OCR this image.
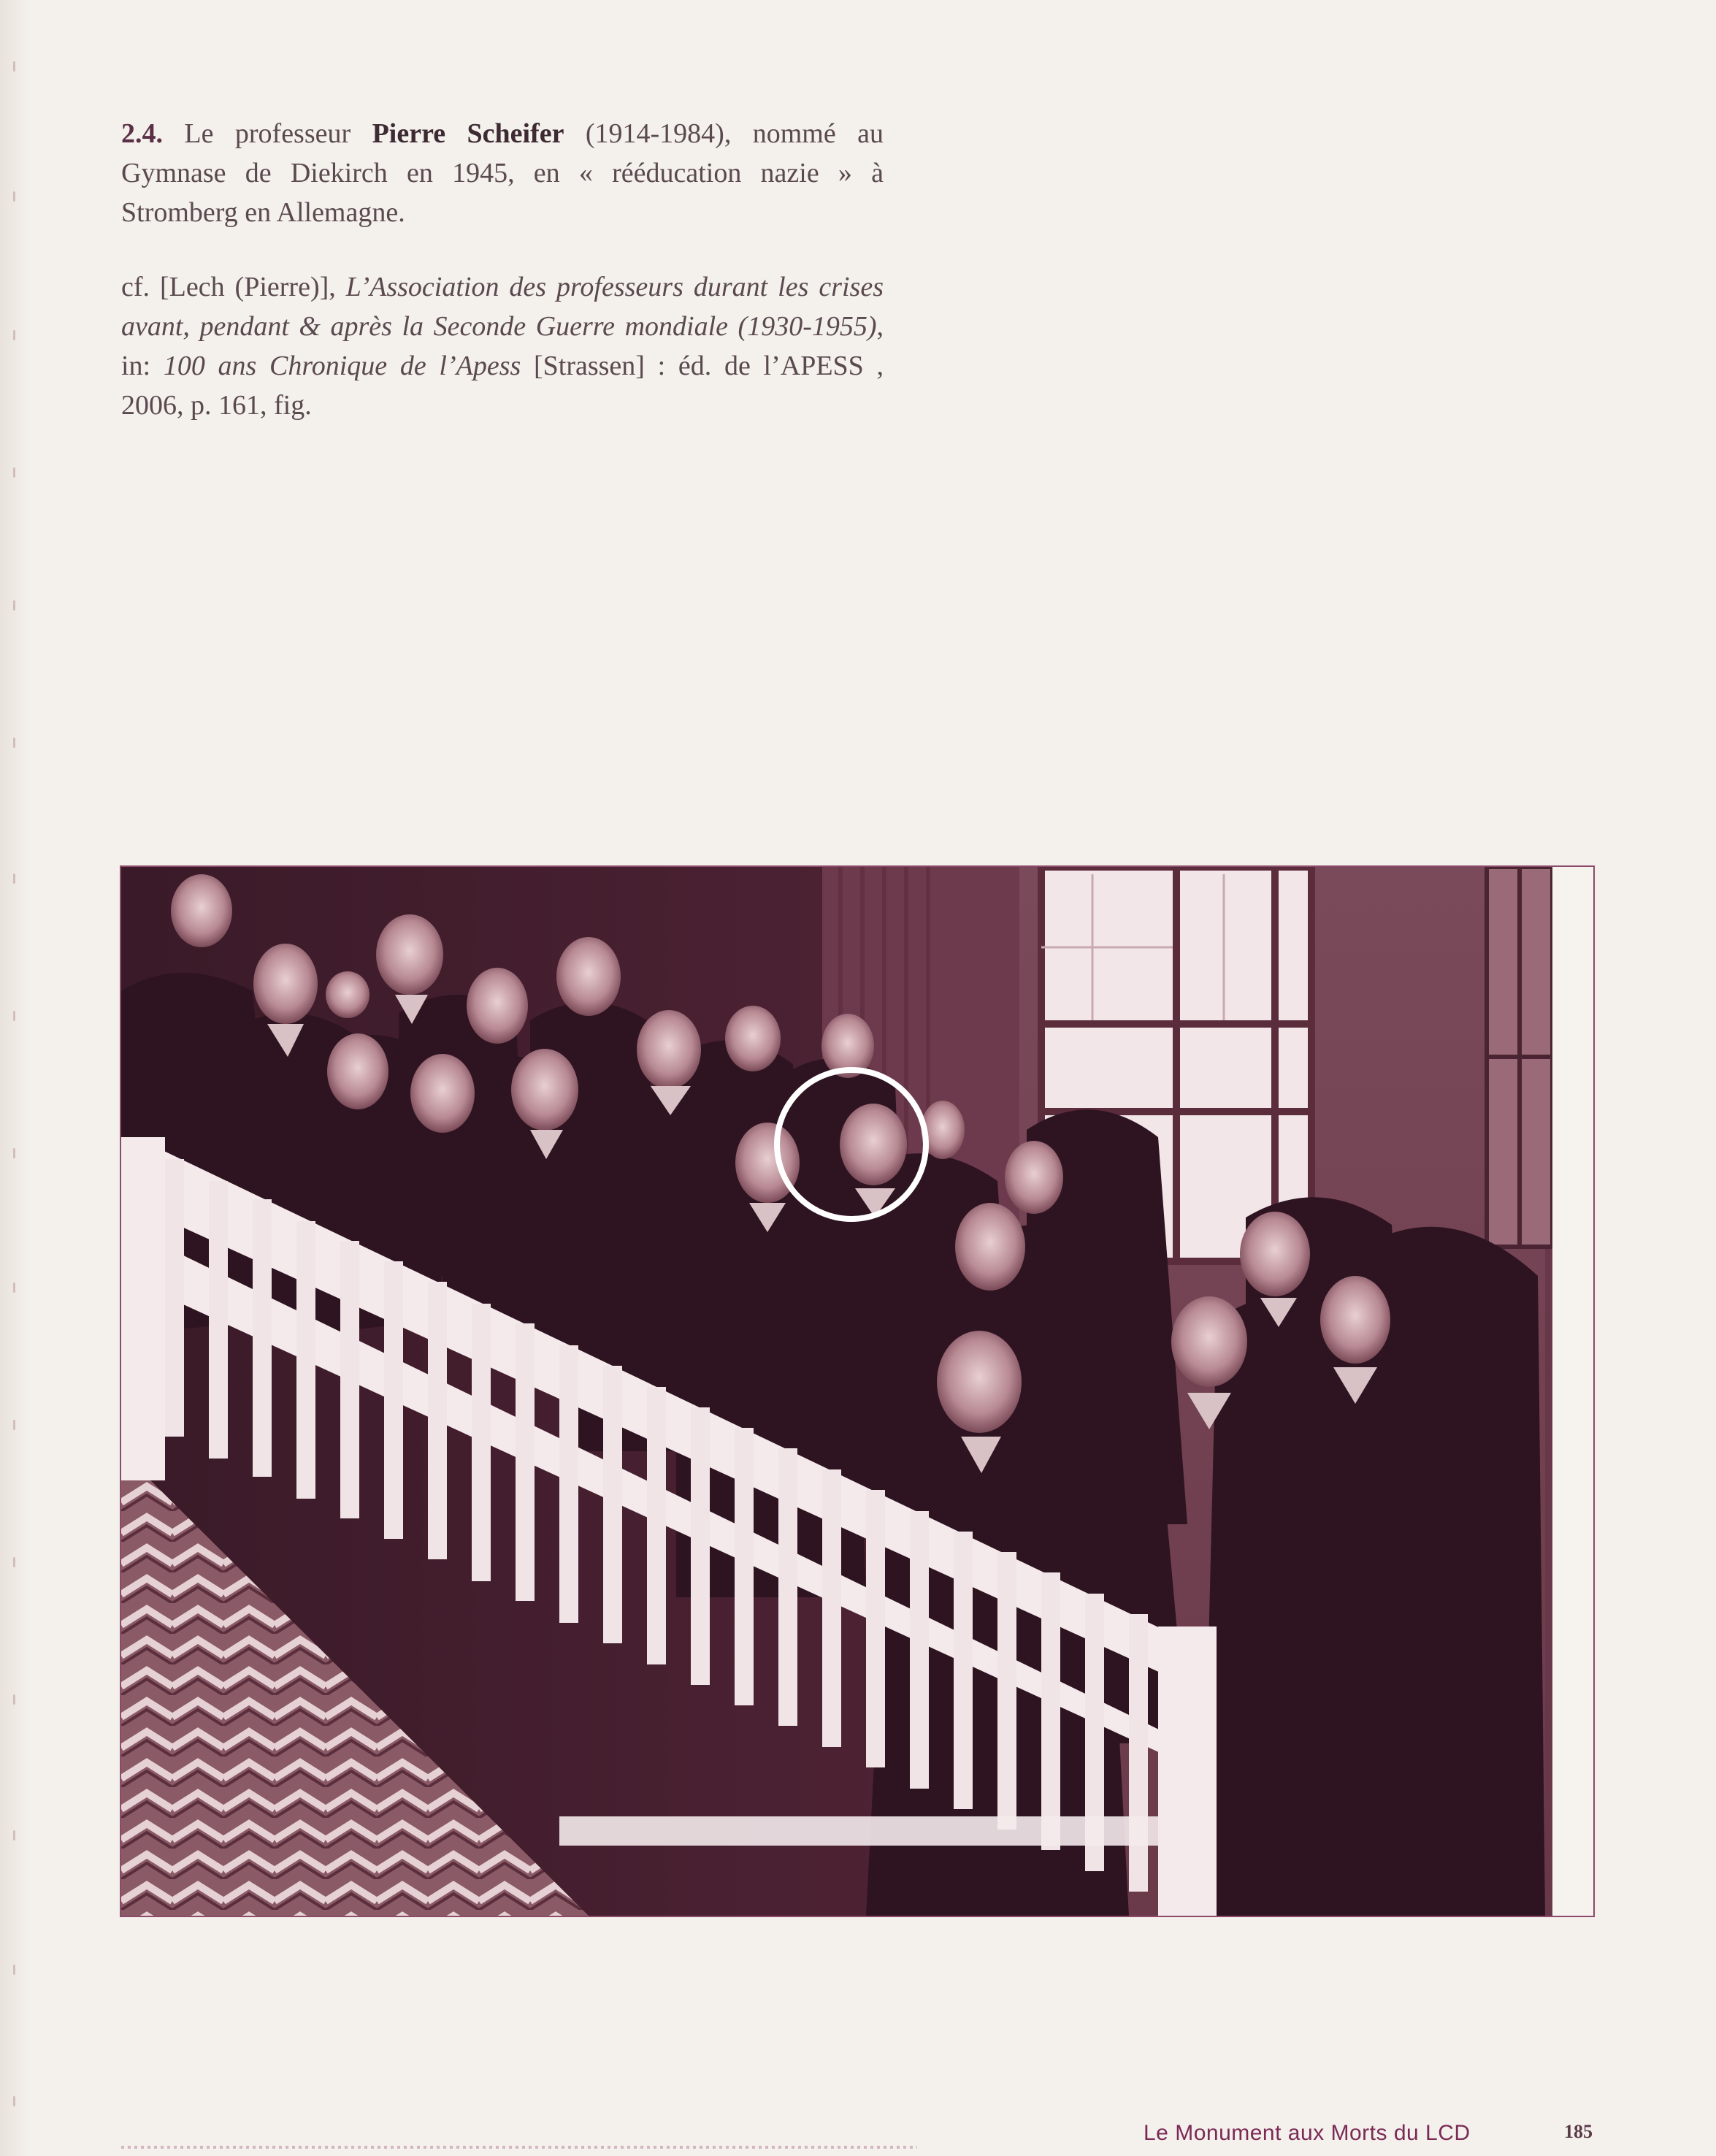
2.4. Le professeur Pierre Scheifer (1914-1984), nommé au Gymnase de Diekirch en 1945, en « rééducation nazie » à Stromberg en Allemagne.

cf. [Lech (Pierre)], L’Association des professeurs durant les crises avant, pendant & après la Seconde Guerre mondiale (1930-1955), in: 100 ans Chronique de l’Apess [Strassen] : éd. de l’APESS , 2006, p. 161, fig.

Le Monument aux Morts du LCD	185
